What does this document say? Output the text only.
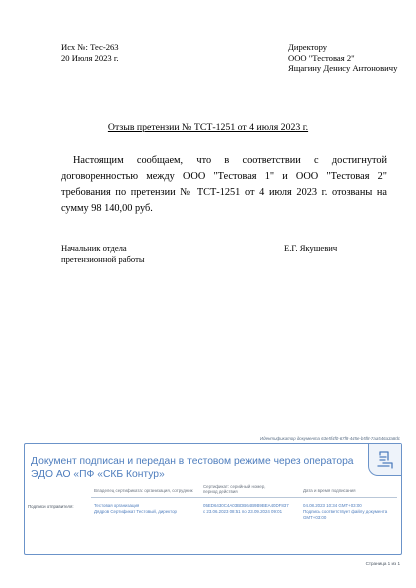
Исх №: Тес-263
20 Июля 2023 г.
Директору
ООО "Тестовая 2"
Ящагину Денису Антоновичу
Отзыв претензии № ТСТ-1251 от 4 июля 2023 г.
Настоящим сообщаем, что в соответствии с достигнутой договоренностью между ООО "Тестовая 1" и ООО "Тестовая 2" требования по претензии № ТСТ-1251 от 4 июля 2023 г. отозваны на сумму 98 140,00 руб.
Начальник отдела
претензионной работы
Е.Г. Якушевич
Идентификатор документа 63e5f4f0-67f8-445e-b5f8-7aa546a3a8dc
Документ подписан и передан в тестовом режиме через оператора ЭДО АО «ПФ «СКБ Контур»
Владелец сертификата: организация, сотрудник
Сертификат: серийный номер, период действия	Дата и время подписания
Подписи отправителя:	Тестовая организация
Дядров Сертификат Тестовый, директор
05ED6430C4A03BDB64B9B9BEA40DF837
с 23.06.2023 08:51 по 23.09.2024 09:01
04.08.2023 10:34 GMT+03:00
Подпись соответствует файлу документа
GMT+03:00
Страница 1 из 1
